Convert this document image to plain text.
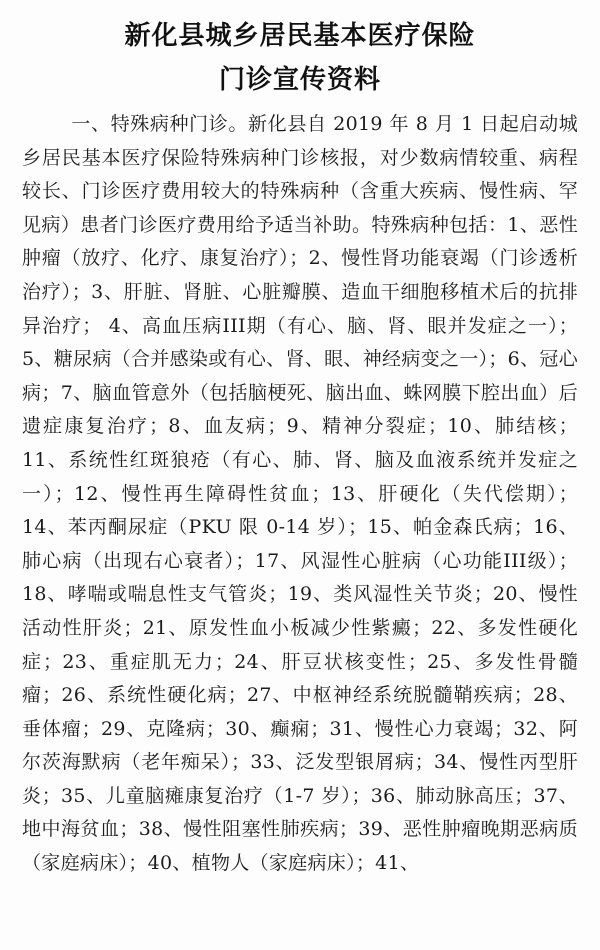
新化县城乡居民基本医疗保险
门诊宣传资料

一、特殊病种门诊。新化县自 2019 年 8 月 1 日起启动城乡居民基本医疗保险特殊病种门诊核报，对少数病情较重、病程较长、门诊医疗费用较大的特殊病种（含重大疾病、慢性病、罕见病）患者门诊医疗费用给予适当补助。特殊病种包括：1、恶性肿瘤（放疗、化疗、康复治疗）；2、慢性肾功能衰竭（门诊透析治疗）；3、肝脏、肾脏、心脏瓣膜、造血干细胞移植术后的抗排异治疗； 4、高血压病III期（有心、脑、肾、眼并发症之一）；5、糖尿病（合并感染或有心、肾、眼、神经病变之一）；6、冠心病；7、脑血管意外（包括脑梗死、脑出血、蛛网膜下腔出血）后遗症康复治疗；8、血友病；9、精神分裂症；10、肺结核；11、系统性红斑狼疮（有心、肺、肾、脑及血液系统并发症之一）；12、慢性再生障碍性贫血；13、肝硬化（失代偿期）；14、苯丙酮尿症（PKU 限 0-14 岁）；15、帕金森氏病；16、肺心病（出现右心衰者）；17、风湿性心脏病（心功能III级）；18、哮喘或喘息性支气管炎；19、类风湿性关节炎；20、慢性活动性肝炎；21、原发性血小板减少性紫癜；22、多发性硬化症；23、重症肌无力；24、肝豆状核变性；25、多发性骨髓瘤；26、系统性硬化病；27、中枢神经系统脱髓鞘疾病；28、垂体瘤；29、克隆病；30、癫痫；31、慢性心力衰竭；32、阿尔茨海默病（老年痴呆）；33、泛发型银屑病；34、慢性丙型肝炎；35、儿童脑瘫康复治疗（1-7 岁）；36、肺动脉高压；37、地中海贫血；38、慢性阻塞性肺疾病；39、恶性肿瘤晚期恶病质（家庭病床）；40、植物人（家庭病床）；41、
